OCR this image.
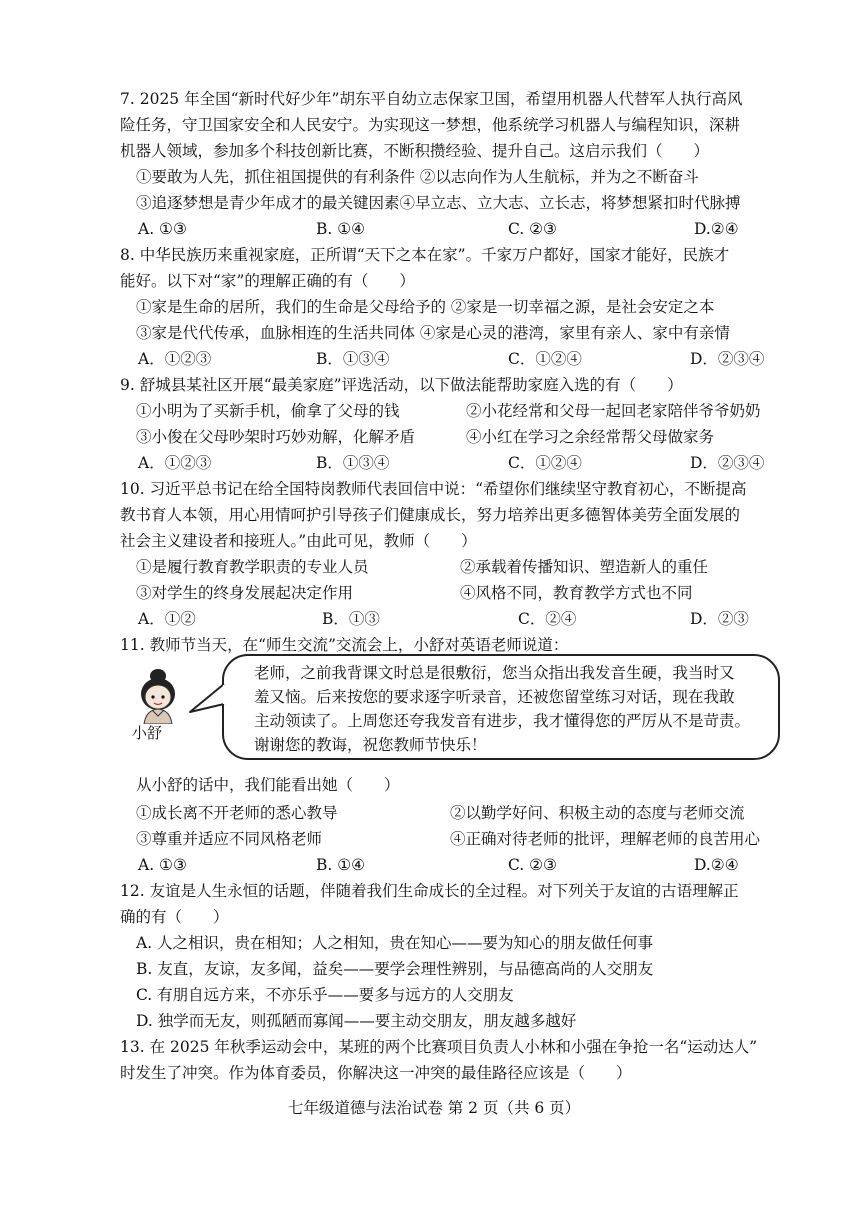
7. 2025 年全国“新时代好少年”胡东平自幼立志保家卫国，希望用机器人代替军人执行高风
险任务，守卫国家安全和人民安宁。为实现这一梦想，他系统学习机器人与编程知识，深耕
机器人领域，参加多个科技创新比赛，不断积攒经验、提升自己。这启示我们（　　）
①要敢为人先，抓住祖国提供的有利条件 ②以志向作为人生航标，并为之不断奋斗
③追逐梦想是青少年成才的最关键因素④早立志、立大志、立长志，将梦想紧扣时代脉搏
A. ①③	B. ①④	C. ②③	D.②④
8. 中华民族历来重视家庭，正所谓“天下之本在家”。千家万户都好，国家才能好，民族才
能好。以下对“家”的理解正确的有（　　）
①家是生命的居所，我们的生命是父母给予的 ②家是一切幸福之源，是社会安定之本
③家是代代传承，血脉相连的生活共同体 ④家是心灵的港湾，家里有亲人、家中有亲情
A．①②③	B．①③④	C．①②④	D．②③④
9. 舒城县某社区开展“最美家庭”评选活动，以下做法能帮助家庭入选的有（　　）
①小明为了买新手机，偷拿了父母的钱	②小花经常和父母一起回老家陪伴爷爷奶奶
③小俊在父母吵架时巧妙劝解，化解矛盾	④小红在学习之余经常帮父母做家务
A．①②③	B．①③④	C．①②④	D．②③④
10. 习近平总书记在给全国特岗教师代表回信中说：“希望你们继续坚守教育初心，不断提高
教书育人本领，用心用情呵护引导孩子们健康成长，努力培养出更多德智体美劳全面发展的
社会主义建设者和接班人。”由此可见，教师（　　）
①是履行教育教学职责的专业人员	②承载着传播知识、塑造新人的重任
③对学生的终身发展起决定作用	④风格不同，教育教学方式也不同
A．①②	B．①③	C．②④	D．②③
11. 教师节当天，在“师生交流”交流会上，小舒对英语老师说道：
小舒
老师，之前我背课文时总是很敷衍，您当众指出我发音生硬，我当时又
羞又恼。后来按您的要求逐字听录音，还被您留堂练习对话，现在我敢
主动领读了。上周您还夸我发音有进步，我才懂得您的严厉从不是苛责。
谢谢您的教诲，祝您教师节快乐！
从小舒的话中，我们能看出她（　　）
①成长离不开老师的悉心教导	②以勤学好问、积极主动的态度与老师交流
③尊重并适应不同风格老师	④正确对待老师的批评，理解老师的良苦用心
A. ①③	B. ①④	C. ②③	D.②④
12. 友谊是人生永恒的话题，伴随着我们生命成长的全过程。对下列关于友谊的古语理解正
确的有（　　）
A. 人之相识，贵在相知；人之相知，贵在知心——要为知心的朋友做任何事
B. 友直，友谅，友多闻，益矣——要学会理性辨别，与品德高尚的人交朋友
C. 有朋自远方来，不亦乐乎——要多与远方的人交朋友
D. 独学而无友，则孤陋而寡闻——要主动交朋友，朋友越多越好
13. 在 2025 年秋季运动会中，某班的两个比赛项目负责人小林和小强在争抢一名“运动达人”
时发生了冲突。作为体育委员，你解决这一冲突的最佳路径应该是（　　）
七年级道德与法治试卷 第 2 页（共 6 页）
